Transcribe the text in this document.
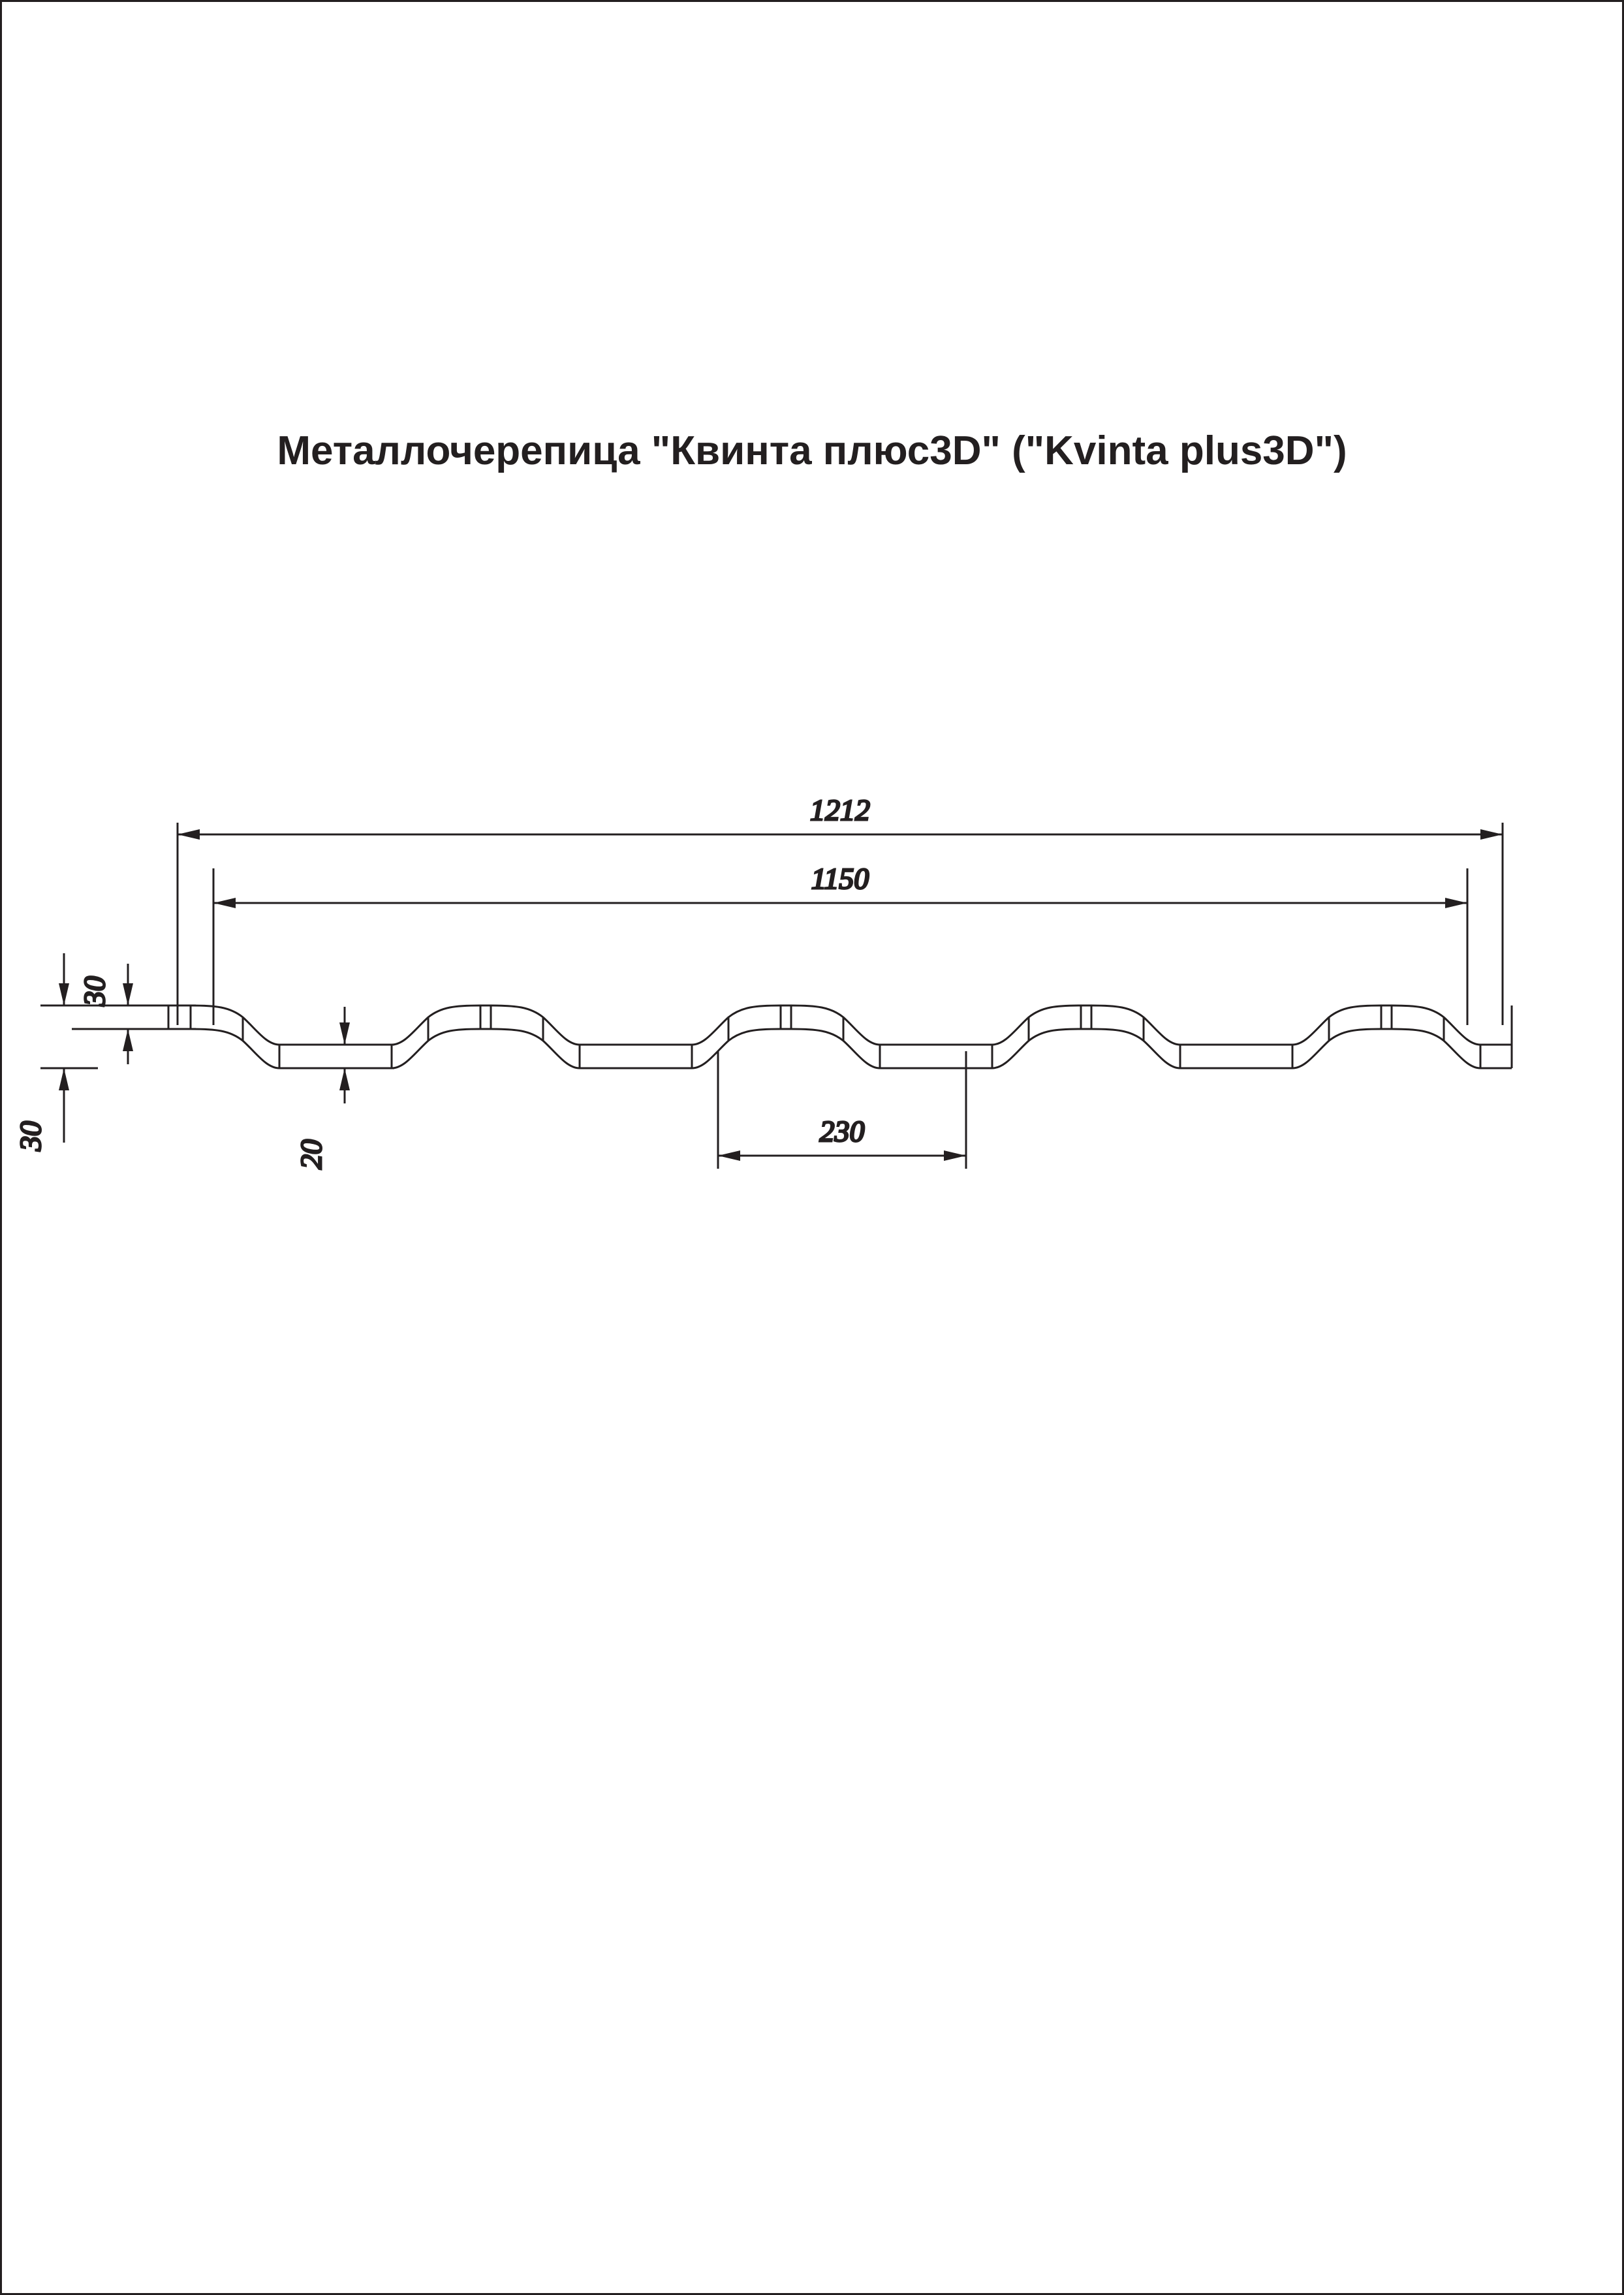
Металлочерепица "Квинта плюс3D" ("Kvinta plus3D")
1212
1150
30
30
20
230
